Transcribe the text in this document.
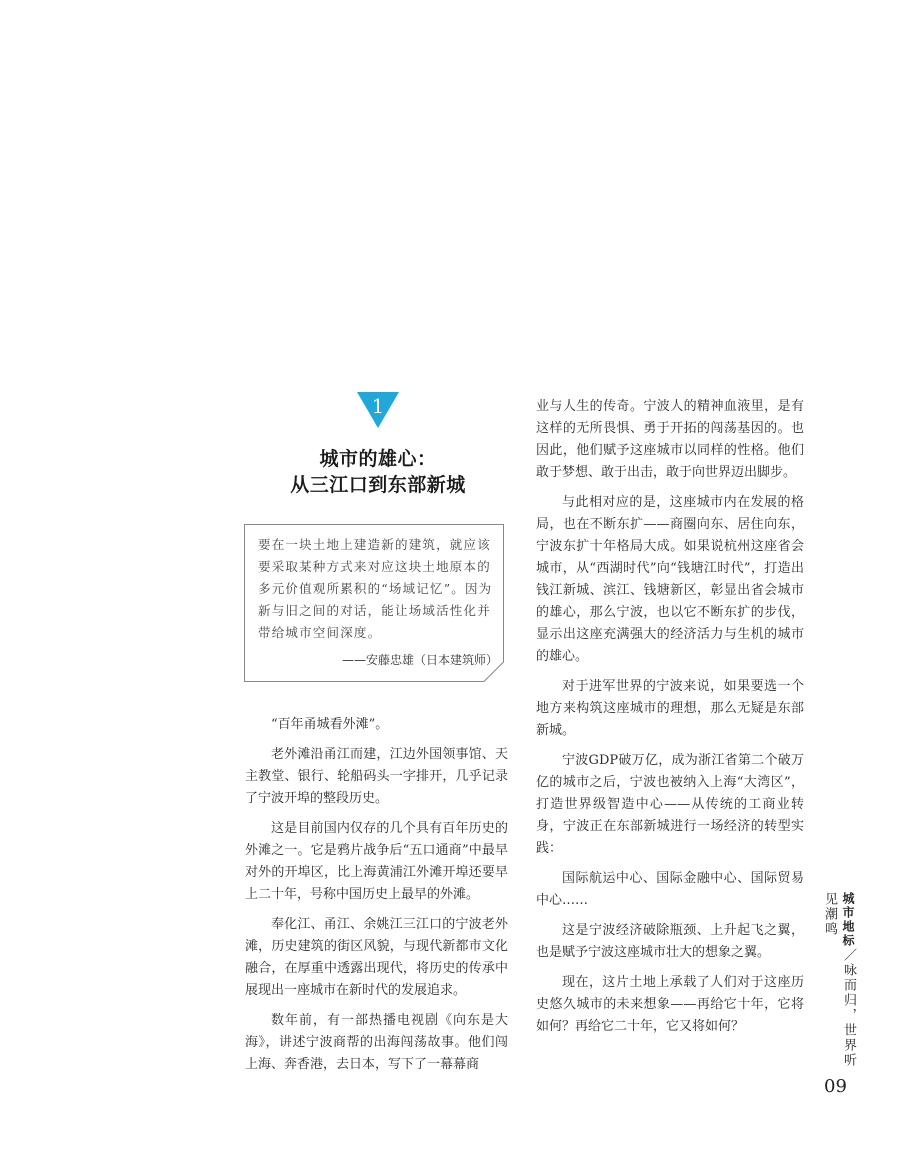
1
城市的雄心：
从三江口到东部新城
要在一块土地上建造新的建筑，就应该要采取某种方式来对应这块土地原本的多元价值观所累积的“场域记忆”。因为新与旧之间的对话，能让场域活性化并带给城市空间深度。
——安藤忠雄（日本建筑师）

“百年甬城看外滩”。

老外滩沿甬江而建，江边外国领事馆、天主教堂、银行、轮船码头一字排开，几乎记录了宁波开埠的整段历史。

这是目前国内仅存的几个具有百年历史的外滩之一。它是鸦片战争后“五口通商”中最早对外的开埠区，比上海黄浦江外滩开埠还要早上二十年，号称中国历史上最早的外滩。

奉化江、甬江、余姚江三江口的宁波老外滩，历史建筑的街区风貌，与现代新都市文化融合，在厚重中透露出现代，将历史的传承中展现出一座城市在新时代的发展追求。

数年前，有一部热播电视剧《向东是大海》，讲述宁波商帮的出海闯荡故事。他们闯上海、奔香港，去日本，写下了一幕幕商

业与人生的传奇。宁波人的精神血液里，是有这样的无所畏惧、勇于开拓的闯荡基因的。也因此，他们赋予这座城市以同样的性格。他们敢于梦想、敢于出击，敢于向世界迈出脚步。

与此相对应的是，这座城市内在发展的格局，也在不断东扩——商圈向东、居住向东，宁波东扩十年格局大成。如果说杭州这座省会城市，从“西湖时代”向“钱塘江时代”，打造出钱江新城、滨江、钱塘新区，彰显出省会城市的雄心，那么宁波，也以它不断东扩的步伐，显示出这座充满强大的经济活力与生机的城市的雄心。

对于进军世界的宁波来说，如果要选一个地方来构筑这座城市的理想，那么无疑是东部新城。

宁波GDP破万亿，成为浙江省第二个破万亿的城市之后，宁波也被纳入上海“大湾区”，打造世界级智造中心——从传统的工商业转身，宁波正在东部新城进行一场经济的转型实践：

国际航运中心、国际金融中心、国际贸易中心……

这是宁波经济破除瓶颈、上升起飞之翼，也是赋予宁波这座城市壮大的想象之翼。

现在，这片土地上承载了人们对于这座历史悠久城市的未来想象——再给它十年，它将如何？再给它二十年，它又将如何？

城市地标／咏而归，世界听见潮鸣
09
